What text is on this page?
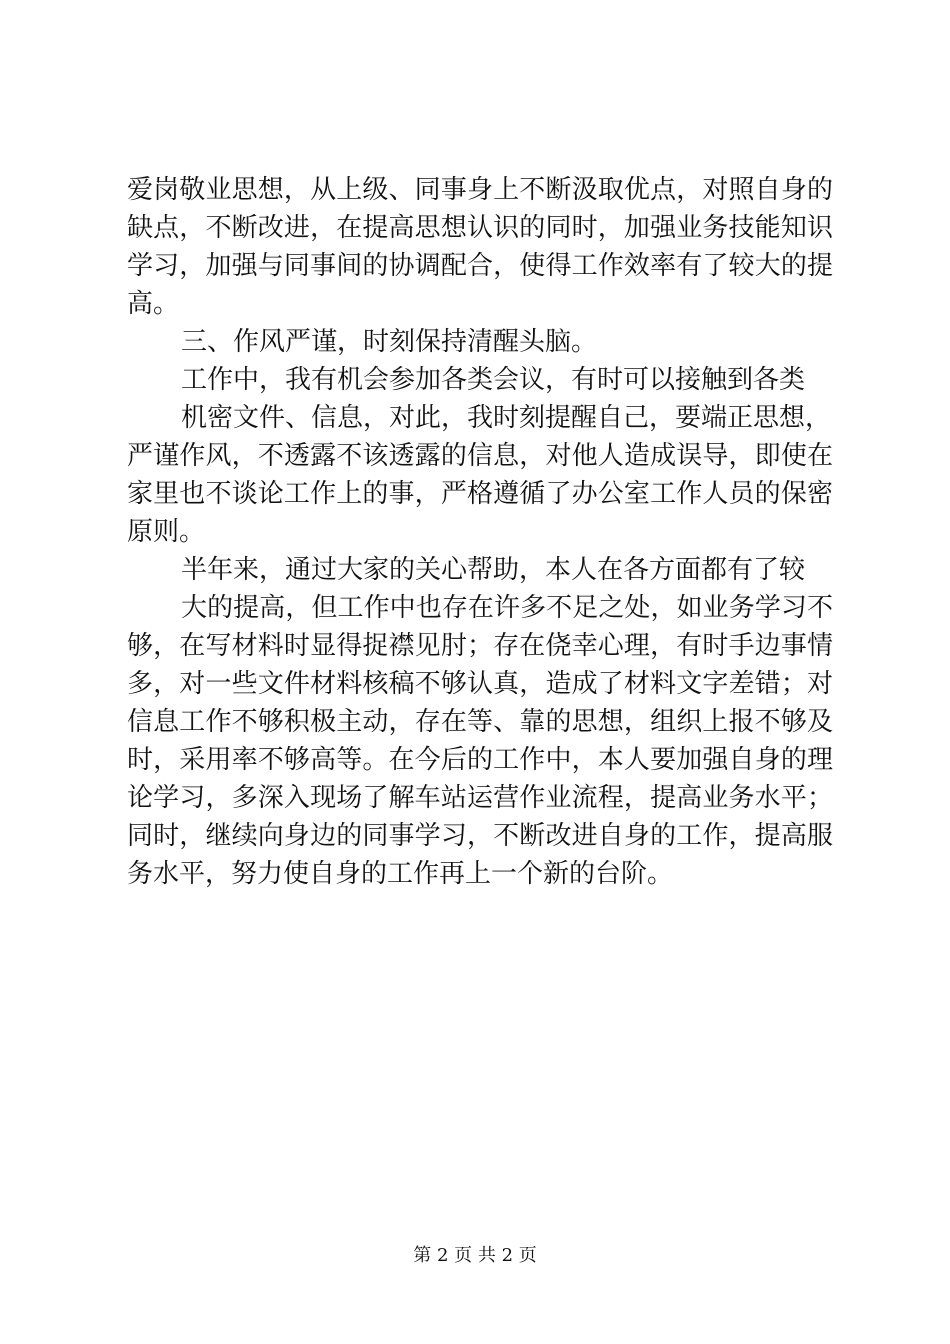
爱岗敬业思想，从上级、同事身上不断汲取优点，对照自身的
缺点，不断改进，在提高思想认识的同时，加强业务技能知识
学习，加强与同事间的协调配合，使得工作效率有了较大的提
高。
三、作风严谨，时刻保持清醒头脑。
工作中，我有机会参加各类会议，有时可以接触到各类
机密文件、信息，对此，我时刻提醒自己，要端正思想，
严谨作风，不透露不该透露的信息，对他人造成误导，即使在
家里也不谈论工作上的事，严格遵循了办公室工作人员的保密
原则。
半年来，通过大家的关心帮助，本人在各方面都有了较
大的提高，但工作中也存在许多不足之处，如业务学习不
够，在写材料时显得捉襟见肘；存在侥幸心理，有时手边事情
多，对一些文件材料核稿不够认真，造成了材料文字差错；对
信息工作不够积极主动，存在等、靠的思想，组织上报不够及
时，采用率不够高等。在今后的工作中，本人要加强自身的理
论学习，多深入现场了解车站运营作业流程，提高业务水平；
同时，继续向身边的同事学习，不断改进自身的工作，提高服
务水平，努力使自身的工作再上一个新的台阶。
第 2 页 共 2 页
